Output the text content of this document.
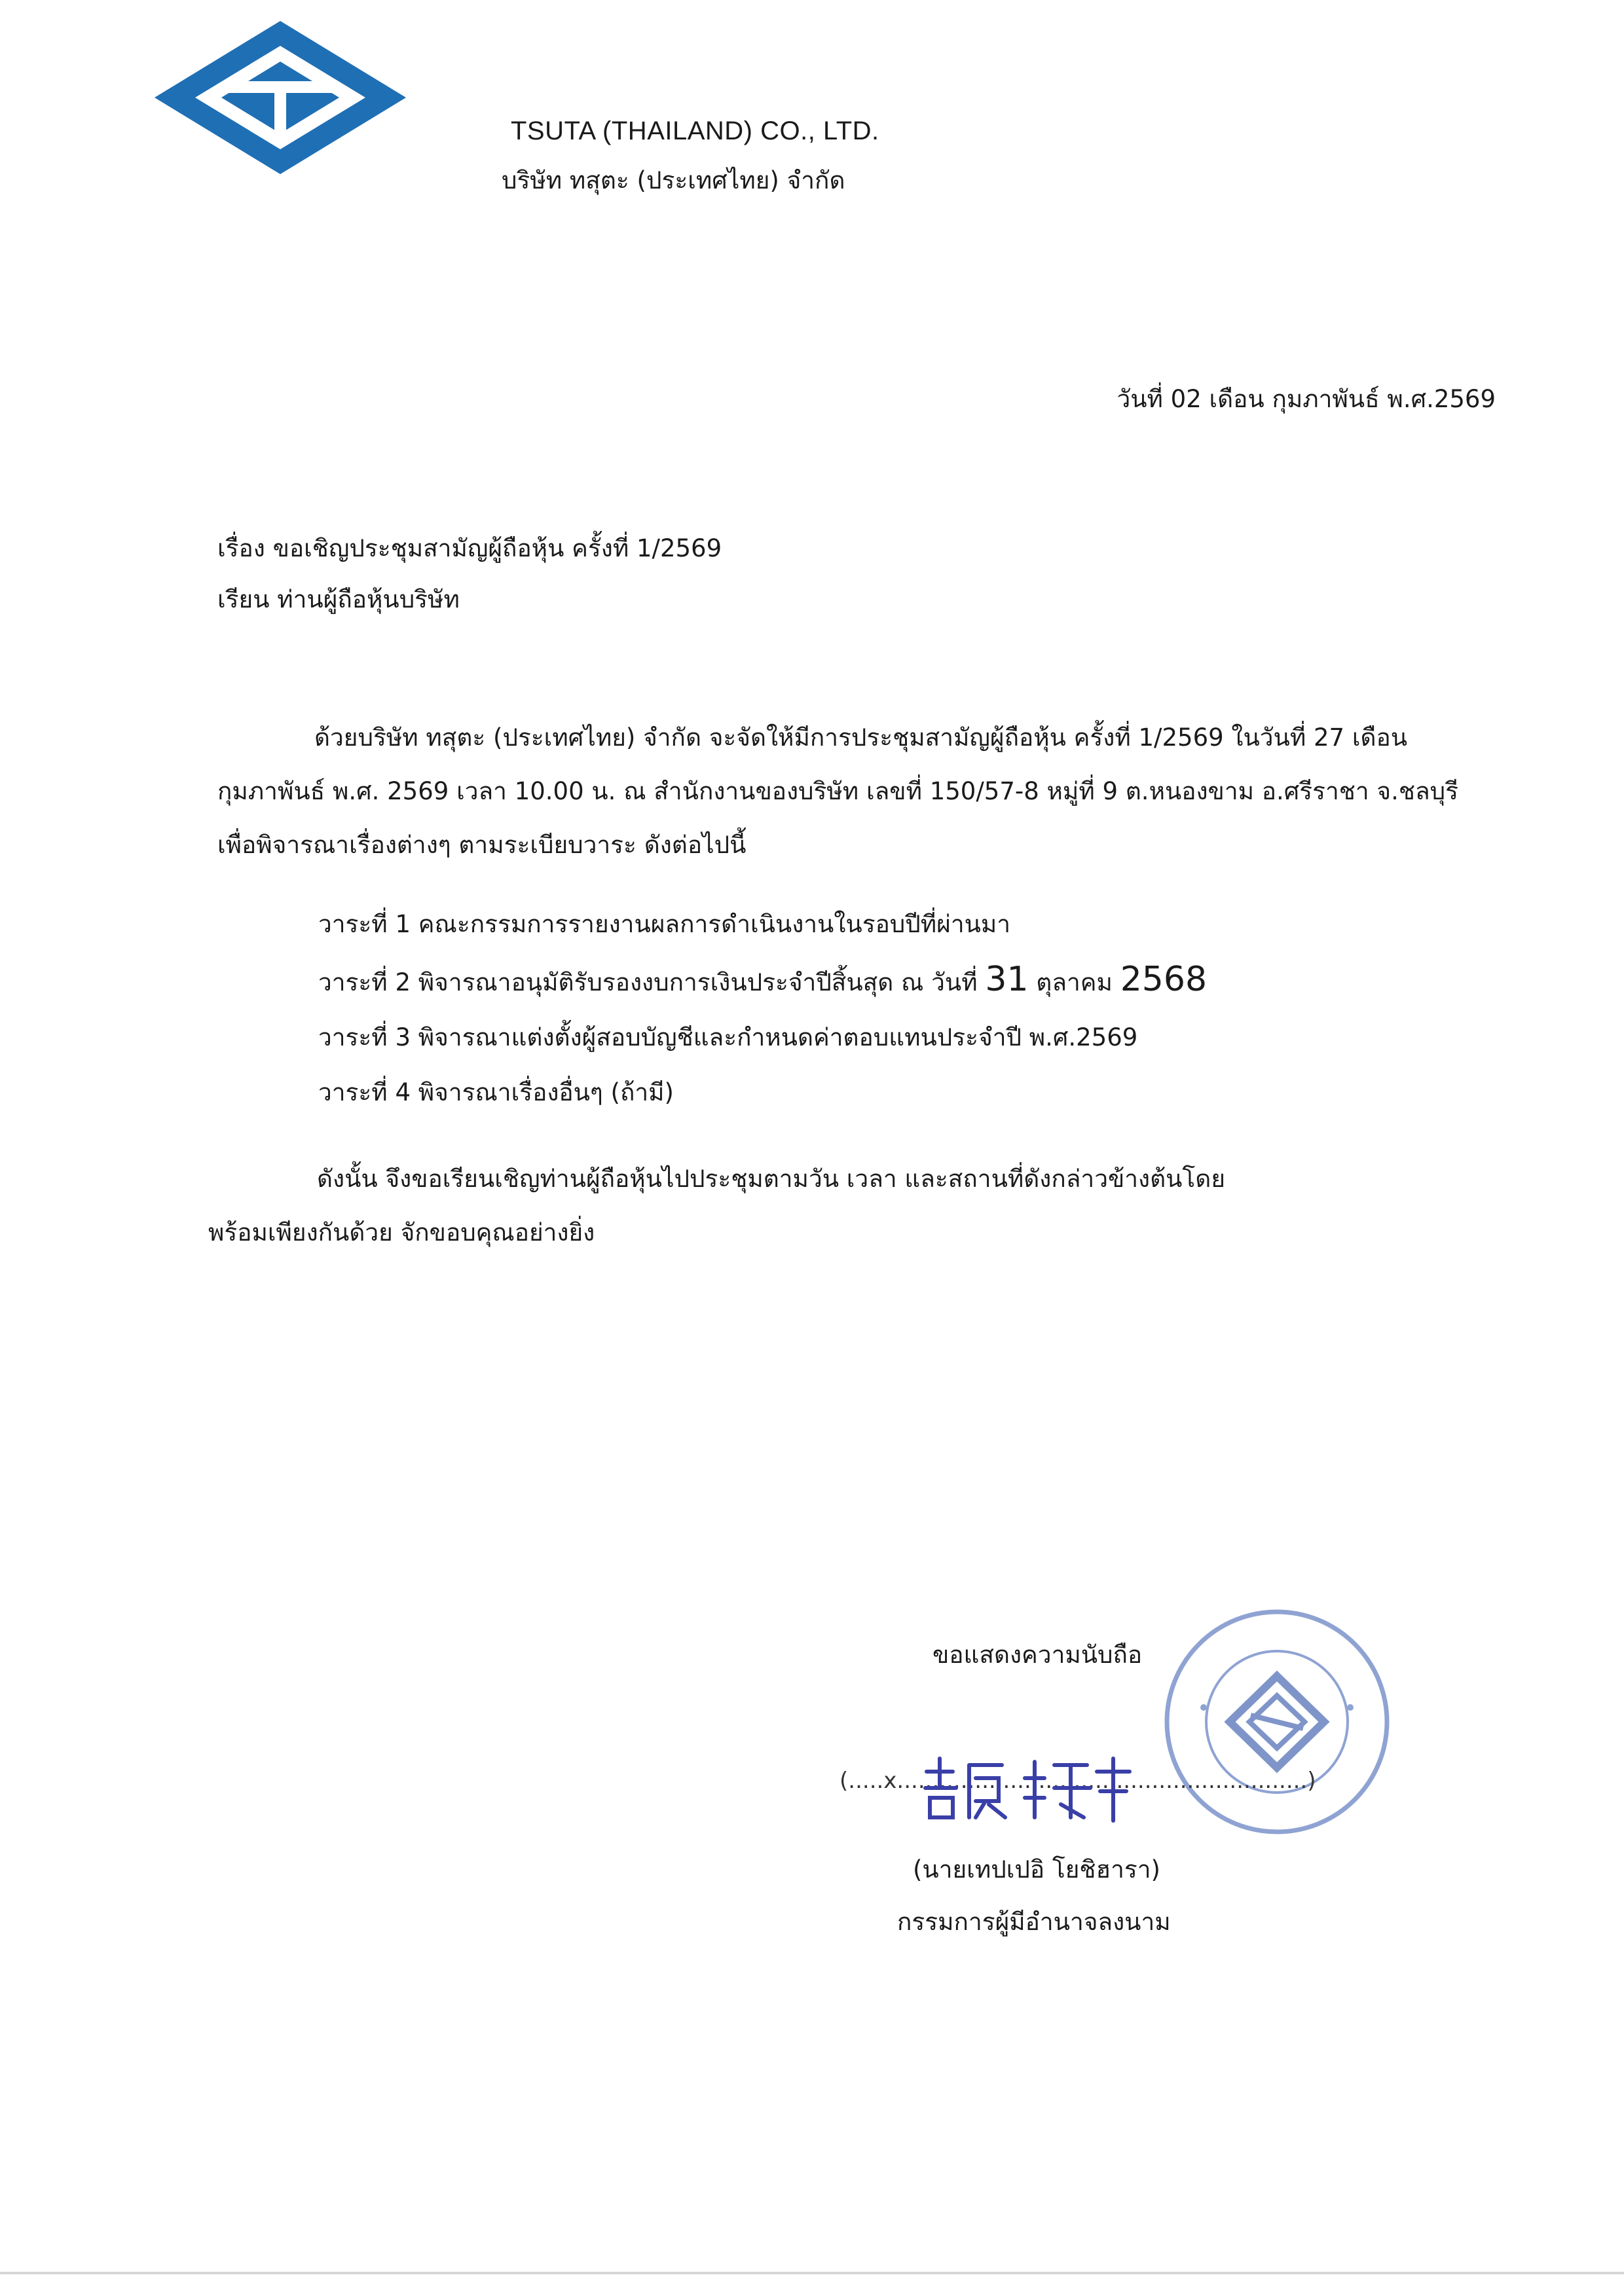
TSUTA (THAILAND) CO., LTD.
บริษัท ทสุตะ (ประเทศไทย) จำกัด
วันที่ 02 เดือน กุมภาพันธ์ พ.ศ.2569
เรื่อง ขอเชิญประชุมสามัญผู้ถือหุ้น ครั้งที่ 1/2569
เรียน ท่านผู้ถือหุ้นบริษัท
ด้วยบริษัท ทสุตะ (ประเทศไทย) จำกัด จะจัดให้มีการประชุมสามัญผู้ถือหุ้น ครั้งที่ 1/2569 ในวันที่ 27 เดือน
กุมภาพันธ์ พ.ศ. 2569 เวลา 10.00 น. ณ สำนักงานของบริษัท เลขที่ 150/57-8 หมู่ที่ 9 ต.หนองขาม อ.ศรีราชา จ.ชลบุรี
เพื่อพิจารณาเรื่องต่างๆ ตามระเบียบวาระ ดังต่อไปนี้
วาระที่ 1 คณะกรรมการรายงานผลการดำเนินงานในรอบปีที่ผ่านมา
วาระที่ 2 พิจารณาอนุมัติรับรองงบการเงินประจำปีสิ้นสุด ณ วันที่ 31 ตุลาคม 2568
วาระที่ 3 พิจารณาแต่งตั้งผู้สอบบัญชีและกำหนดค่าตอบแทนประจำปี พ.ศ.2569
วาระที่ 4 พิจารณาเรื่องอื่นๆ (ถ้ามี)
ดังนั้น จึงขอเรียนเชิญท่านผู้ถือหุ้นไปประชุมตามวัน เวลา และสถานที่ดังกล่าวข้างต้นโดย
พร้อมเพียงกันด้วย จักขอบคุณอย่างยิ่ง
ขอแสดงความนับถือ
(.....x..........................................................)
(นายเทปเปอิ โยชิฮารา)
กรรมการผู้มีอำนาจลงนาม
